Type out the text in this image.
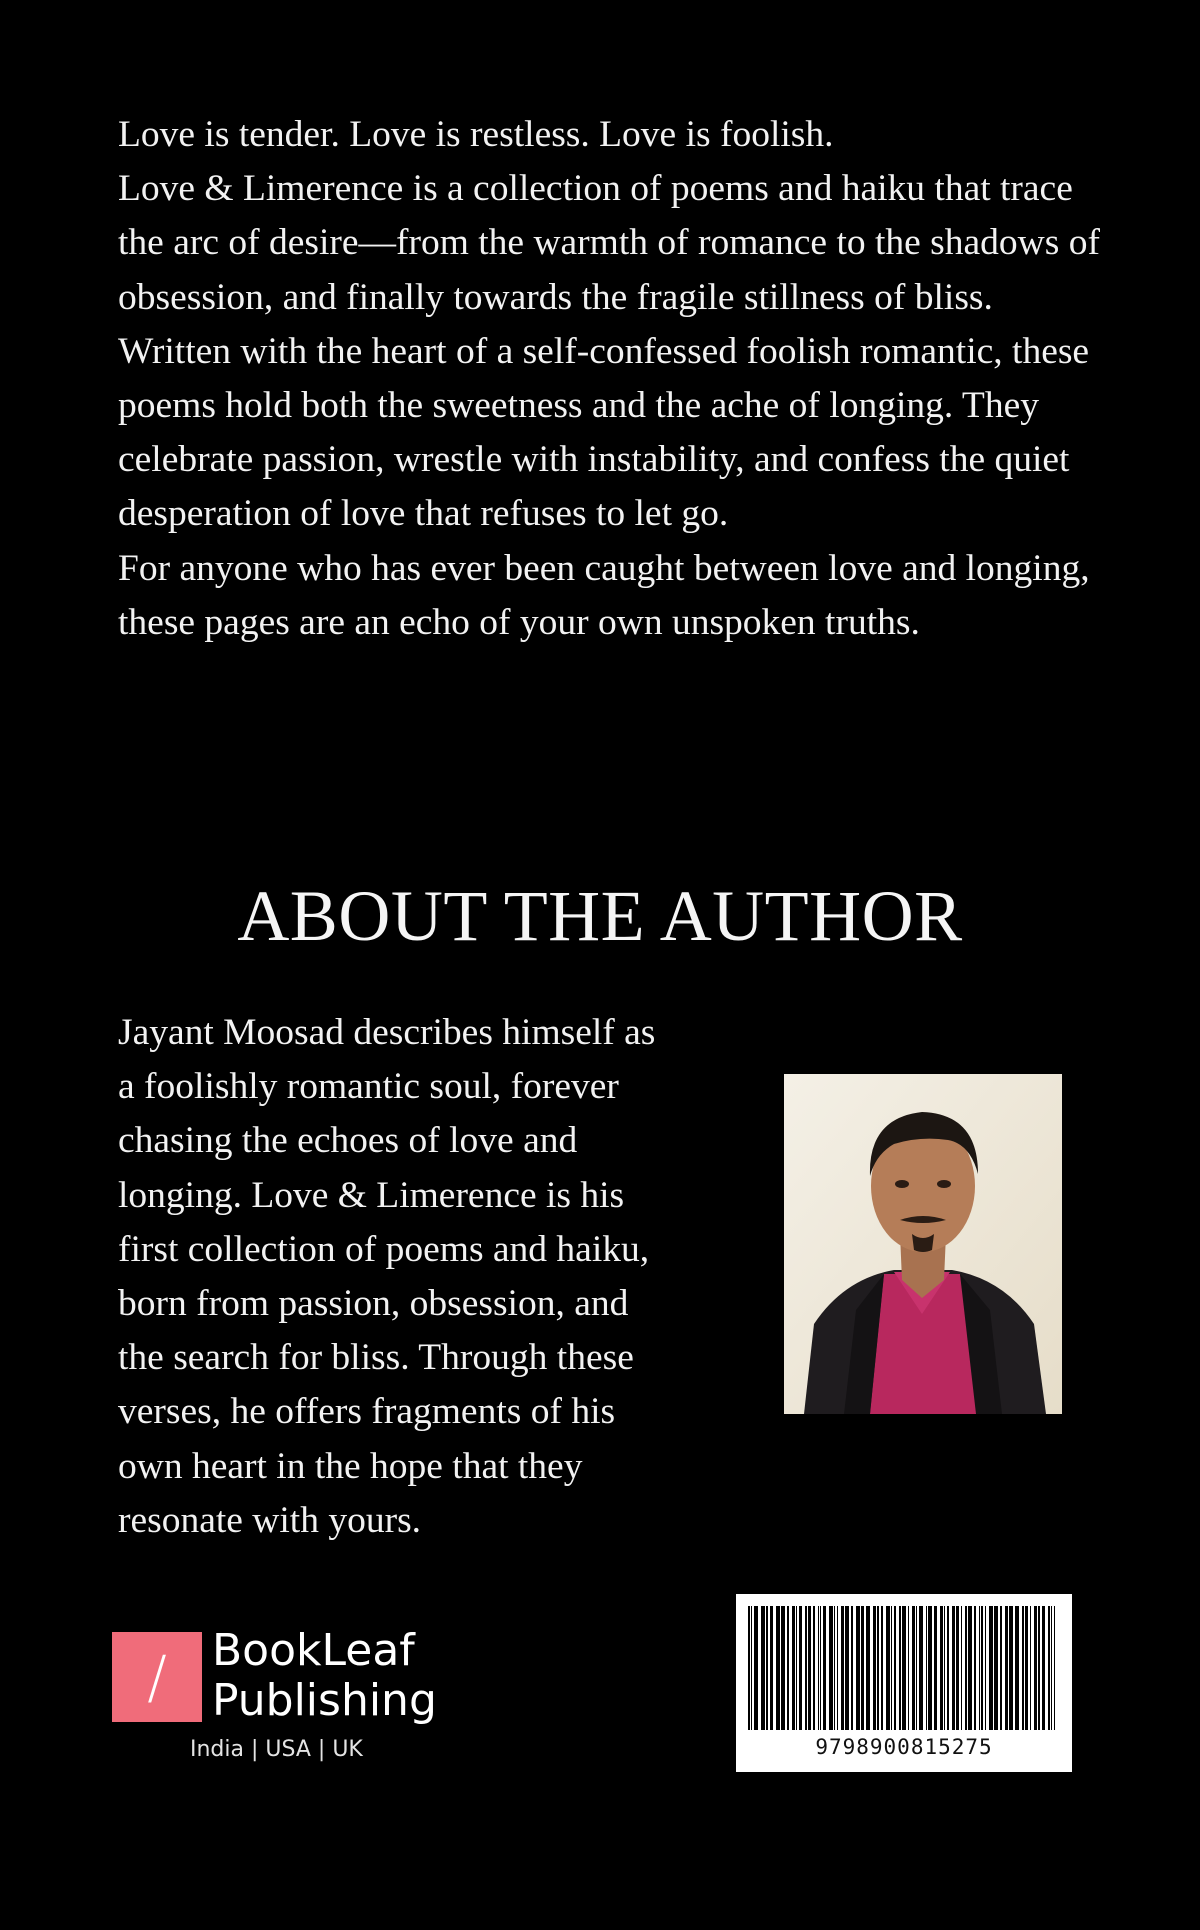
Love is tender. Love is restless. Love is foolish.

Love & Limerence is a collection of poems and haiku that trace the arc of desire—from the warmth of romance to the shadows of obsession, and finally towards the fragile stillness of bliss.

Written with the heart of a self-confessed foolish romantic, these poems hold both the sweetness and the ache of longing. They celebrate passion, wrestle with instability, and confess the quiet desperation of love that refuses to let go.

For anyone who has ever been caught between love and longing, these pages are an echo of your own unspoken truths.

ABOUT THE AUTHOR
Jayant Moosad describes himself as
a foolishly romantic soul, forever
chasing the echoes of love and
longing. Love & Limerence is his
first collection of poems and haiku,
born from passion, obsession, and
the search for bliss. Through these
verses, he offers fragments of his
own heart in the hope that they
resonate with yours.
/	BookLeaf
Publishing
India | USA | UK	9798900815275
